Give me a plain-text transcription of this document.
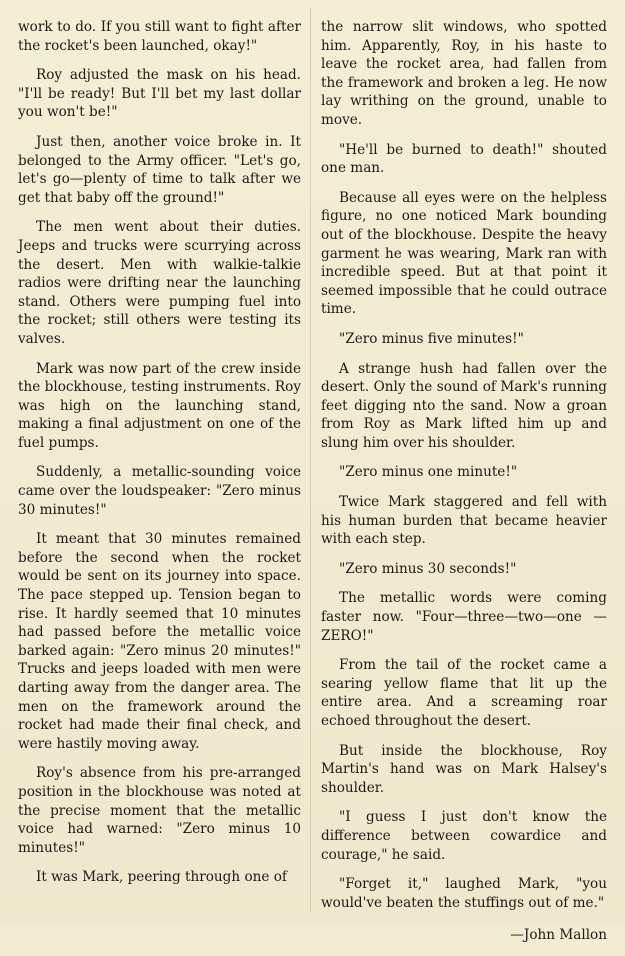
work to do. If you still want to fight after the rocket's been launched, okay!"

Roy adjusted the mask on his head. "I'll be ready! But I'll bet my last dollar you won't be!"

Just then, another voice broke in. It belonged to the Army officer. "Let's go, let's go—plenty of time to talk after we get that baby off the ground!"

The men went about their duties. Jeeps and trucks were scurrying across the desert. Men with walkie-talkie radios were drifting near the launching stand. Others were pumping fuel into the rocket; still others were testing its valves.

Mark was now part of the crew inside the blockhouse, testing instruments. Roy was high on the launching stand, making a final adjustment on one of the fuel pumps.

Suddenly, a metallic-sounding voice came over the loudspeaker: "Zero minus 30 minutes!"

It meant that 30 minutes remained before the second when the rocket would be sent on its journey into space. The pace stepped up. Tension began to rise. It hardly seemed that 10 minutes had passed before the metallic voice barked again: "Zero minus 20 minutes!" Trucks and jeeps loaded with men were darting away from the danger area. The men on the framework around the rocket had made their final check, and were hastily moving away.

Roy's absence from his pre-arranged position in the blockhouse was noted at the precise moment that the metallic voice had warned: "Zero minus 10 minutes!"

It was Mark, peering through one of

the narrow slit windows, who spotted him. Apparently, Roy, in his haste to leave the rocket area, had fallen from the framework and broken a leg. He now lay writhing on the ground, unable to move.

"He'll be burned to death!" shouted one man.

Because all eyes were on the helpless figure, no one noticed Mark bounding out of the blockhouse. Despite the heavy garment he was wearing, Mark ran with incredible speed. But at that point it seemed impossible that he could outrace time.

"Zero minus five minutes!"

A strange hush had fallen over the desert. Only the sound of Mark's running feet digging nto the sand. Now a groan from Roy as Mark lifted him up and slung him over his shoulder.

"Zero minus one minute!"

Twice Mark staggered and fell with his human burden that became heavier with each step.

"Zero minus 30 seconds!"

The metallic words were coming faster now. "Four—three—two—one —ZERO!"

From the tail of the rocket came a searing yellow flame that lit up the entire area. And a screaming roar echoed throughout the desert.

But inside the blockhouse, Roy Martin's hand was on Mark Halsey's shoulder.

"I guess I just don't know the difference between cowardice and courage," he said.

"Forget it," laughed Mark, "you would've beaten the stuffings out of me."

—John Mallon
